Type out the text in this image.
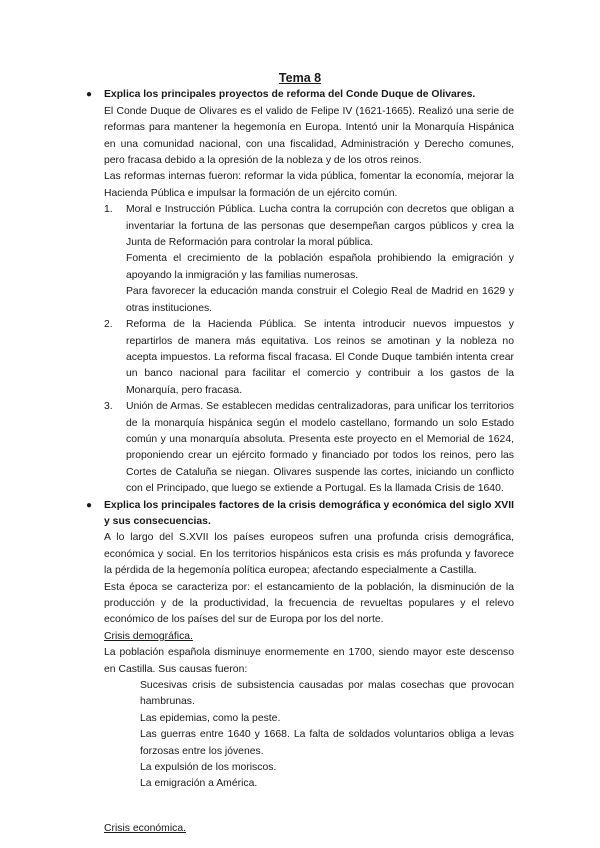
Tema 8
● Explica los principales proyectos de reforma del Conde Duque de Olivares.

El Conde Duque de Olivares es el valido de Felipe IV (1621-1665). Realizó una serie de reformas para mantener la hegemonía en Europa. Intentó unir la Monarquía Hispánica en una comunidad nacional, con una fiscalidad, Administración y Derecho comunes, pero fracasa debido a la opresión de la nobleza y de los otros reinos.

Las reformas internas fueron: reformar la vida pública, fomentar la economía, mejorar la Hacienda Pública e impulsar la formación de un ejército común.

1. Moral e Instrucción Pública. Lucha contra la corrupción con decretos que obligan a inventariar la fortuna de las personas que desempeñan cargos públicos y crea la Junta de Reformación para controlar la moral pública.

Fomenta el crecimiento de la población española prohibiendo la emigración y apoyando la inmigración y las familias numerosas.

Para favorecer la educación manda construir el Colegio Real de Madrid en 1629 y otras instituciones.

2. Reforma de la Hacienda Pública. Se intenta introducir nuevos impuestos y repartirlos de manera más equitativa. Los reinos se amotinan y la nobleza no acepta impuestos. La reforma fiscal fracasa. El Conde Duque también intenta crear un banco nacional para facilitar el comercio y contribuir a los gastos de la Monarquía, pero fracasa.

3. Unión de Armas. Se establecen medidas centralizadoras, para unificar los territorios de la monarquía hispánica según el modelo castellano, formando un solo Estado común y una monarquía absoluta. Presenta este proyecto en el Memorial de 1624, proponiendo crear un ejército formado y financiado por todos los reinos, pero las Cortes de Cataluña se niegan. Olivares suspende las cortes, iniciando un conflicto con el Principado, que luego se extiende a Portugal. Es la llamada Crisis de 1640.

● Explica los principales factores de la crisis demográfica y económica del siglo XVII y sus consecuencias.

A lo largo del S.XVII los países europeos sufren una profunda crisis demográfica, económica y social. En los territorios hispánicos esta crisis es más profunda y favorece la pérdida de la hegemonía política europea; afectando especialmente a Castilla.

Esta época se caracteriza por: el estancamiento de la población, la disminución de la producción y de la productividad, la frecuencia de revueltas populares y el relevo económico de los países del sur de Europa por los del norte.

Crisis demográfica.

La población española disminuye enormemente en 1700, siendo mayor este descenso en Castilla. Sus causas fueron:

Sucesivas crisis de subsistencia causadas por malas cosechas que provocan hambrunas.

Las epidemias, como la peste.

Las guerras entre 1640 y 1668. La falta de soldados voluntarios obliga a levas forzosas entre los jóvenes.

La expulsión de los moriscos.

La emigración a América.

Crisis económica.
